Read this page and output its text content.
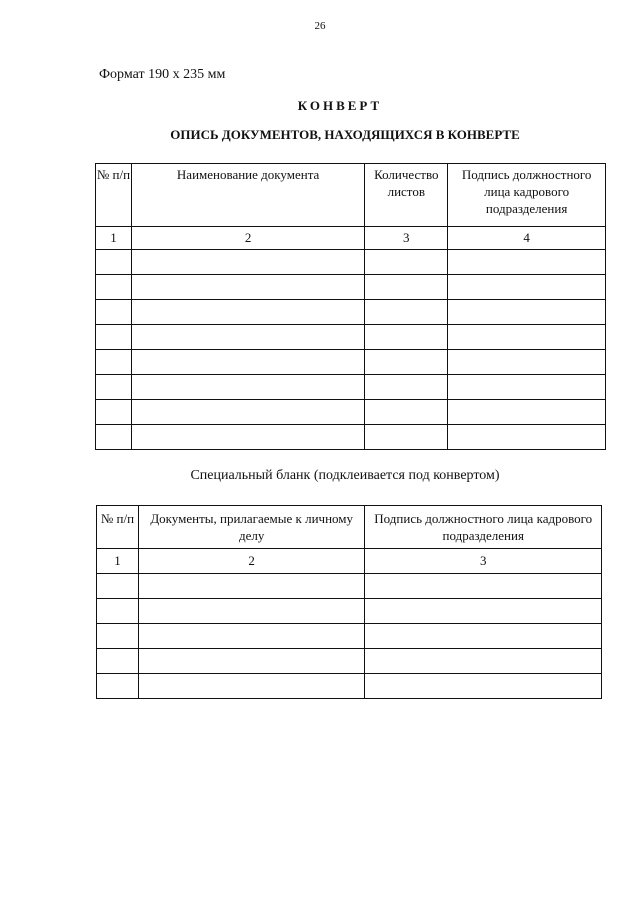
26
Формат 190 х 235 мм
КОНВЕРТ
ОПИСЬ ДОКУМЕНТОВ, НАХОДЯЩИХСЯ В КОНВЕРТЕ
№ п/п	Наименование документа	Количество листов	Подпись должностного лица кадрового подразделения
1	2	3	4

Специальный бланк (подклеивается под конвертом)
№ п/п	Документы, прилагаемые к личному делу	Подпись должностного лица кадрового подразделения
1	2	3
